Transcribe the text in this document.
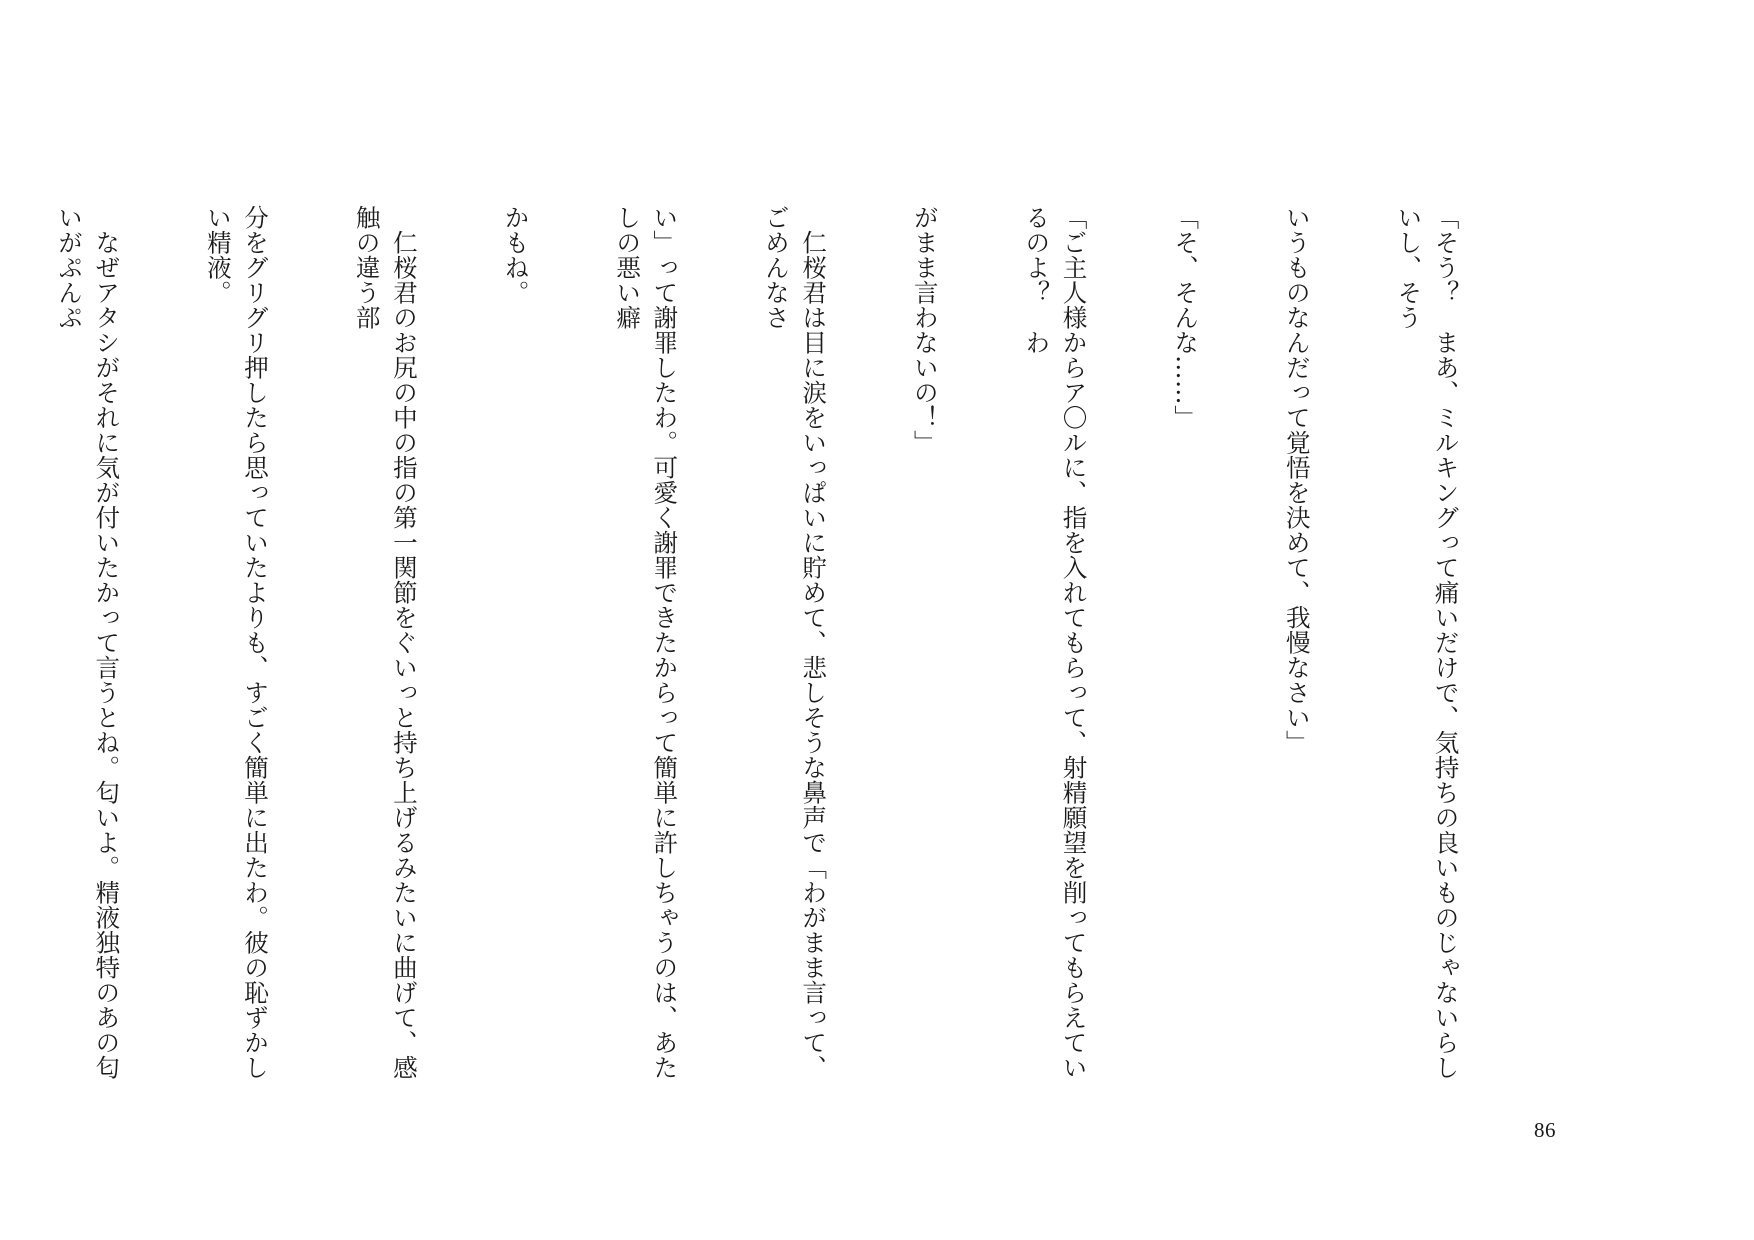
「そう？　まあ、ミルキングって痛いだけで、気持ちの良いものじゃないらしいし、そう

いうものなんだって覚悟を決めて、我慢なさい」

「そ、そんな……」

「ご主人様からア〇ルに、指を入れてもらって、射精願望を削ってもらえているのよ？　わ

がまま言わないの！」

　仁桜君は目に涙をいっぱいに貯めて、悲しそうな鼻声で「わがまま言って、ごめんなさ

い」って謝罪したわ。可愛く謝罪できたからって簡単に許しちゃうのは、あたしの悪い癖

かもね。

　仁桜君のお尻の中の指の第一関節をぐいっと持ち上げるみたいに曲げて、感触の違う部

分をグリグリ押したら思っていたよりも、すごく簡単に出たわ。彼の恥ずかしい精液。

　なぜアタシがそれに気が付いたかって言うとね。匂いよ。精液独特のあの匂いがぷんぷ

86
